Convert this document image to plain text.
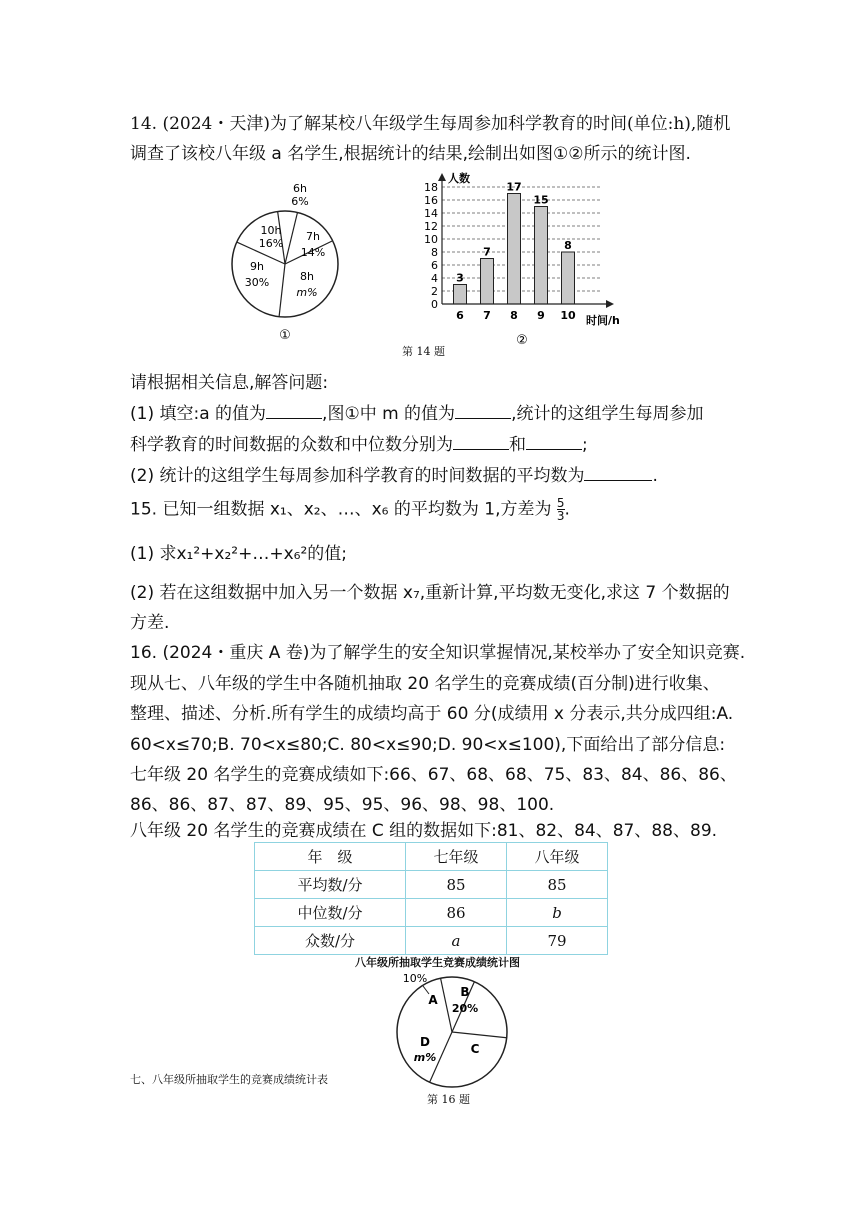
14. (2024・天津)为了解某校八年级学生每周参加科学教育的时间(单位:h),随机
调查了该校八年级 a 名学生,根据统计的结果,绘制出如图①②所示的统计图.
6h
6%
10h
16%
7h
14%
9h
30%	8h
m%
①
0
2
4
6
8
10
12
14
16
18
6 7 8 9 10
3
7
17
15
8
人数
时间/h
②
第 14 题
请根据相关信息,解答问题:
(1) 填空:a 的值为	,图①中 m 的值为	,统计的这组学生每周参加
科学教育的时间数据的众数和中位数分别为	和	;
(2) 统计的这组学生每周参加科学教育的时间数据的平均数为	.
15. 已知一组数据 x₁、x₂、…、x₆ 的平均数为 1,方差为 $\frac{5}{3}$ .
(1) 求x₁²+x₂²+…+x₆²的值;
(2) 若在这组数据中加入另一个数据 x₇,重新计算,平均数无变化,求这 7 个数据的
方差.
16. (2024・重庆 A 卷)为了解学生的安全知识掌握情况,某校举办了安全知识竞赛.
现从七、八年级的学生中各随机抽取 20 名学生的竞赛成绩(百分制)进行收集、
整理、描述、分析.所有学生的成绩均高于 60 分(成绩用 x 分表示,共分成四组:A.
60<x≤70;B. 70<x≤80;C. 80<x≤90;D. 90<x≤100),下面给出了部分信息:
七年级 20 名学生的竞赛成绩如下:66、67、68、68、75、83、84、86、86、
86、86、87、87、89、95、95、96、98、98、100.
八年级 20 名学生的竞赛成绩在 C 组的数据如下:81、82、84、87、88、89.
年　级	七年级	八年级
平均数/分	85	85
中位数/分	86	b
众数/分	a	79
八年级所抽取学生竞赛成绩统计图
10%
A
B
20%
C
D
m%
七、八年级所抽取学生的竞赛成绩统计表
第 16 题
